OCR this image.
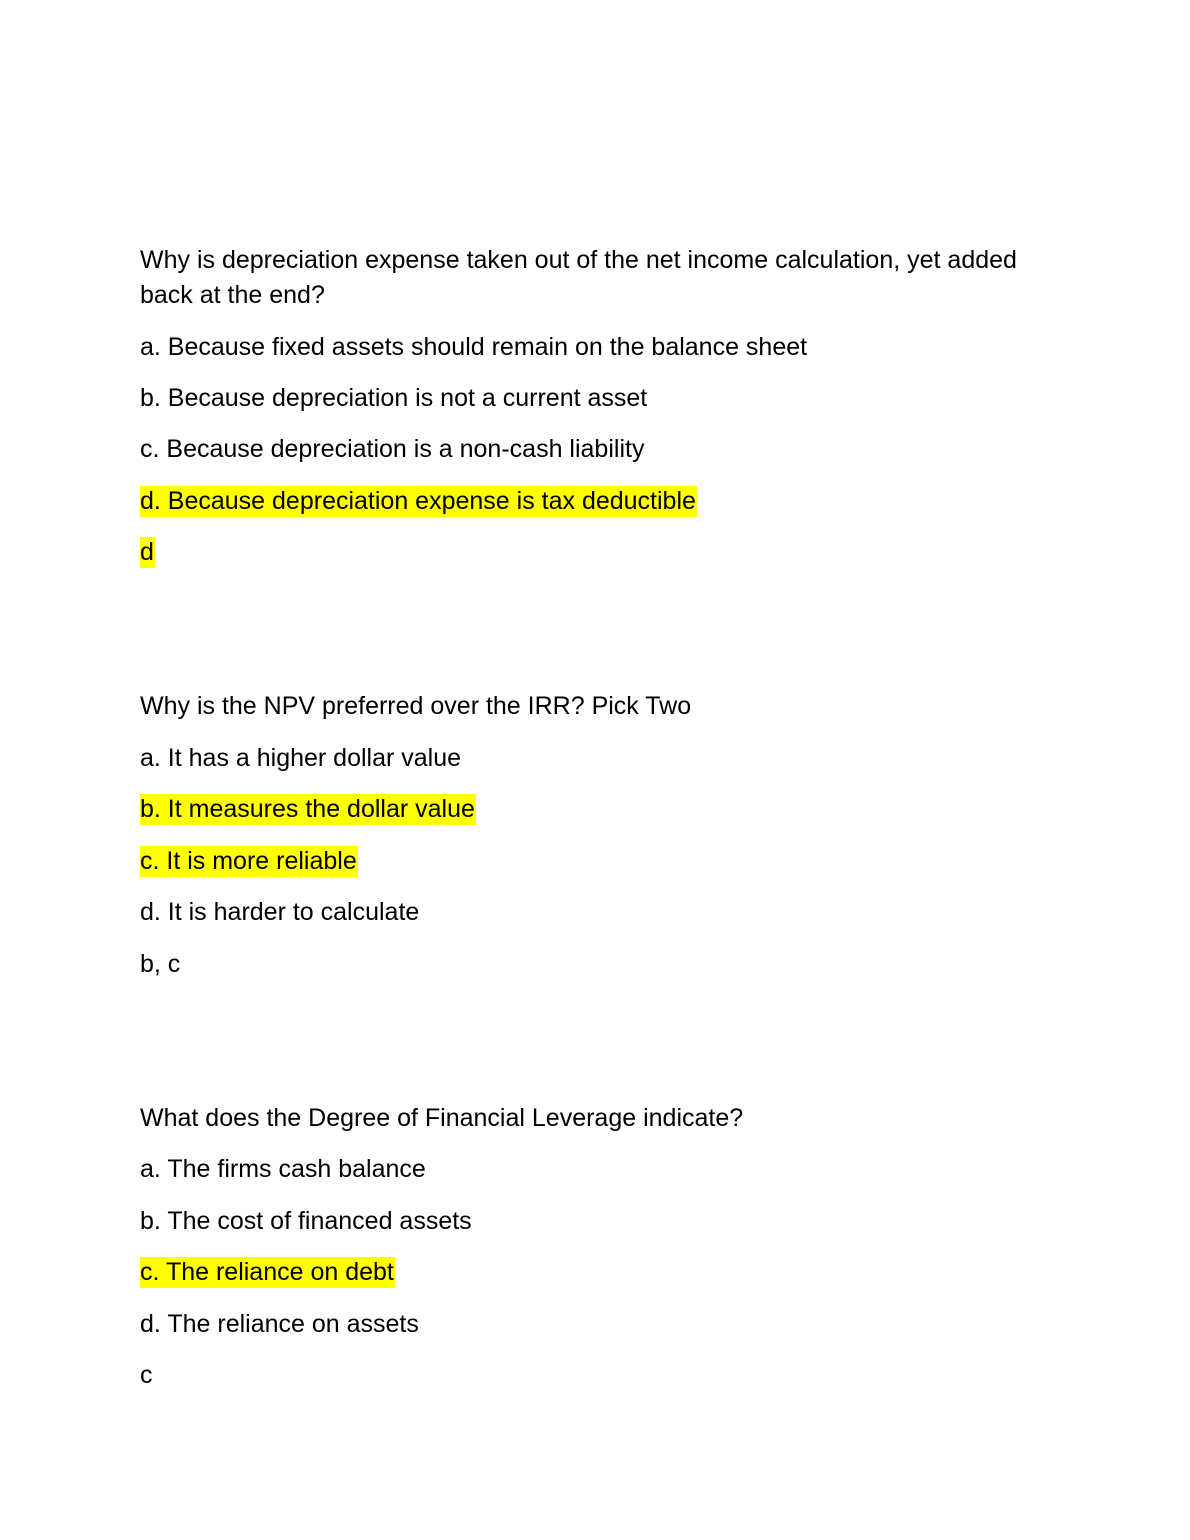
Why is depreciation expense taken out of the net income calculation, yet added

back at the end?

a. Because fixed assets should remain on the balance sheet

b. Because depreciation is not a current asset

c. Because depreciation is a non-cash liability

d. Because depreciation expense is tax deductible

d

Why is the NPV preferred over the IRR? Pick Two

a. It has a higher dollar value

b. It measures the dollar value

c. It is more reliable

d. It is harder to calculate

b, c

What does the Degree of Financial Leverage indicate?

a. The firms cash balance

b. The cost of financed assets

c. The reliance on debt

d. The reliance on assets

c
